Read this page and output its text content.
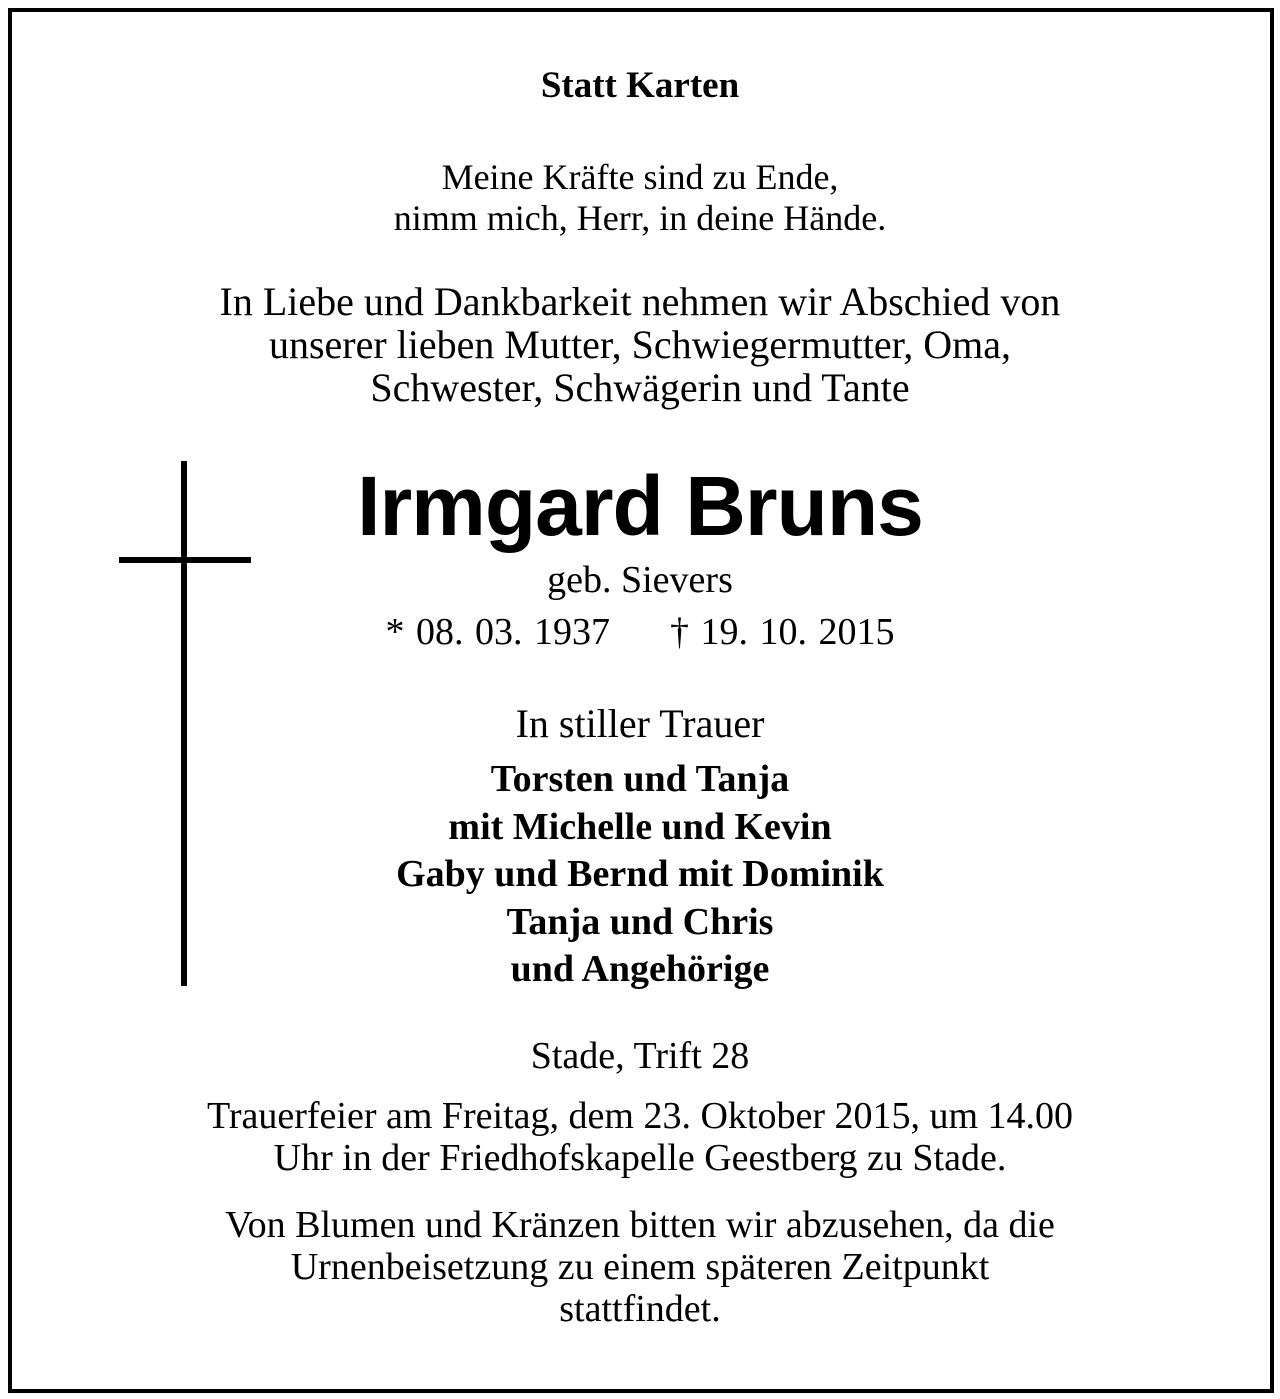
Statt Karten
Meine Kräfte sind zu Ende,
nimm mich, Herr, in deine Hände.
In Liebe und Dankbarkeit nehmen wir Abschied von
unserer lieben Mutter, Schwiegermutter, Oma,
Schwester, Schwägerin und Tante
Irmgard Bruns
geb. Sievers
* 08. 03. 1937 † 19. 10. 2015
In stiller Trauer
Torsten und Tanja
mit Michelle und Kevin
Gaby und Bernd mit Dominik
Tanja und Chris
und Angehörige
Stade, Trift 28
Trauerfeier am Freitag, dem 23. Oktober 2015, um 14.00
Uhr in der Friedhofskapelle Geestberg zu Stade.
Von Blumen und Kränzen bitten wir abzusehen, da die
Urnenbeisetzung zu einem späteren Zeitpunkt
stattfindet.
